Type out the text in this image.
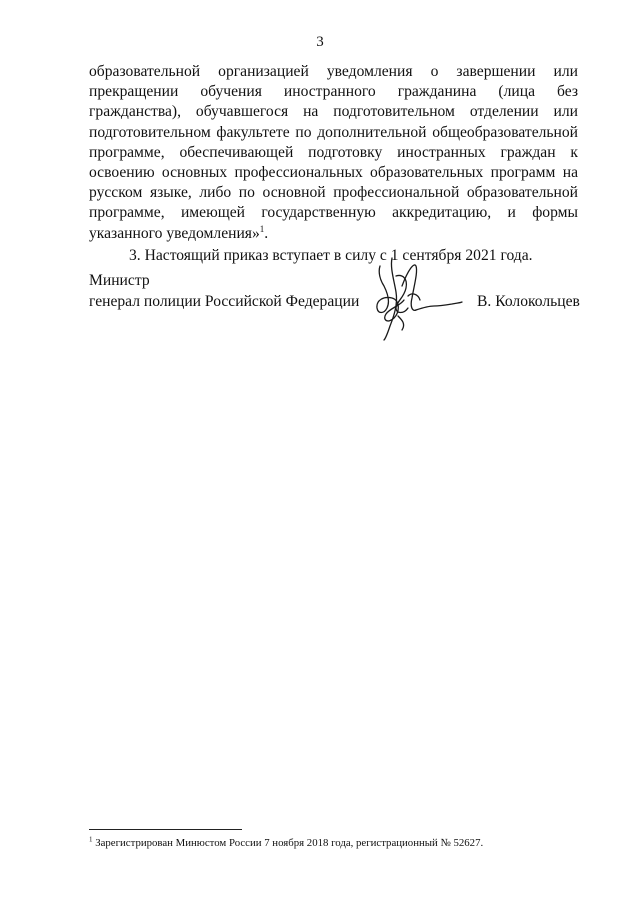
3

образовательной организацией уведомления о завершении или прекращении обучения иностранного гражданина (лица без гражданства), обучавшегося на подготовительном отделении или подготовительном факультете по дополнительной общеобразовательной программе, обеспечивающей подготовку иностранных граждан к освоению основных профессиональных образовательных программ на русском языке, либо по основной профессиональной образовательной программе, имеющей государственную аккредитацию, и формы указанного уведомления»$^1$.

3. Настоящий приказ вступает в силу с 1 сентября 2021 года.

Министр
генерал полиции Российской Федерации	В. Колокольцев
$^1$ Зарегистрирован Минюстом России 7 ноября 2018 года, регистрационный № 52627.
